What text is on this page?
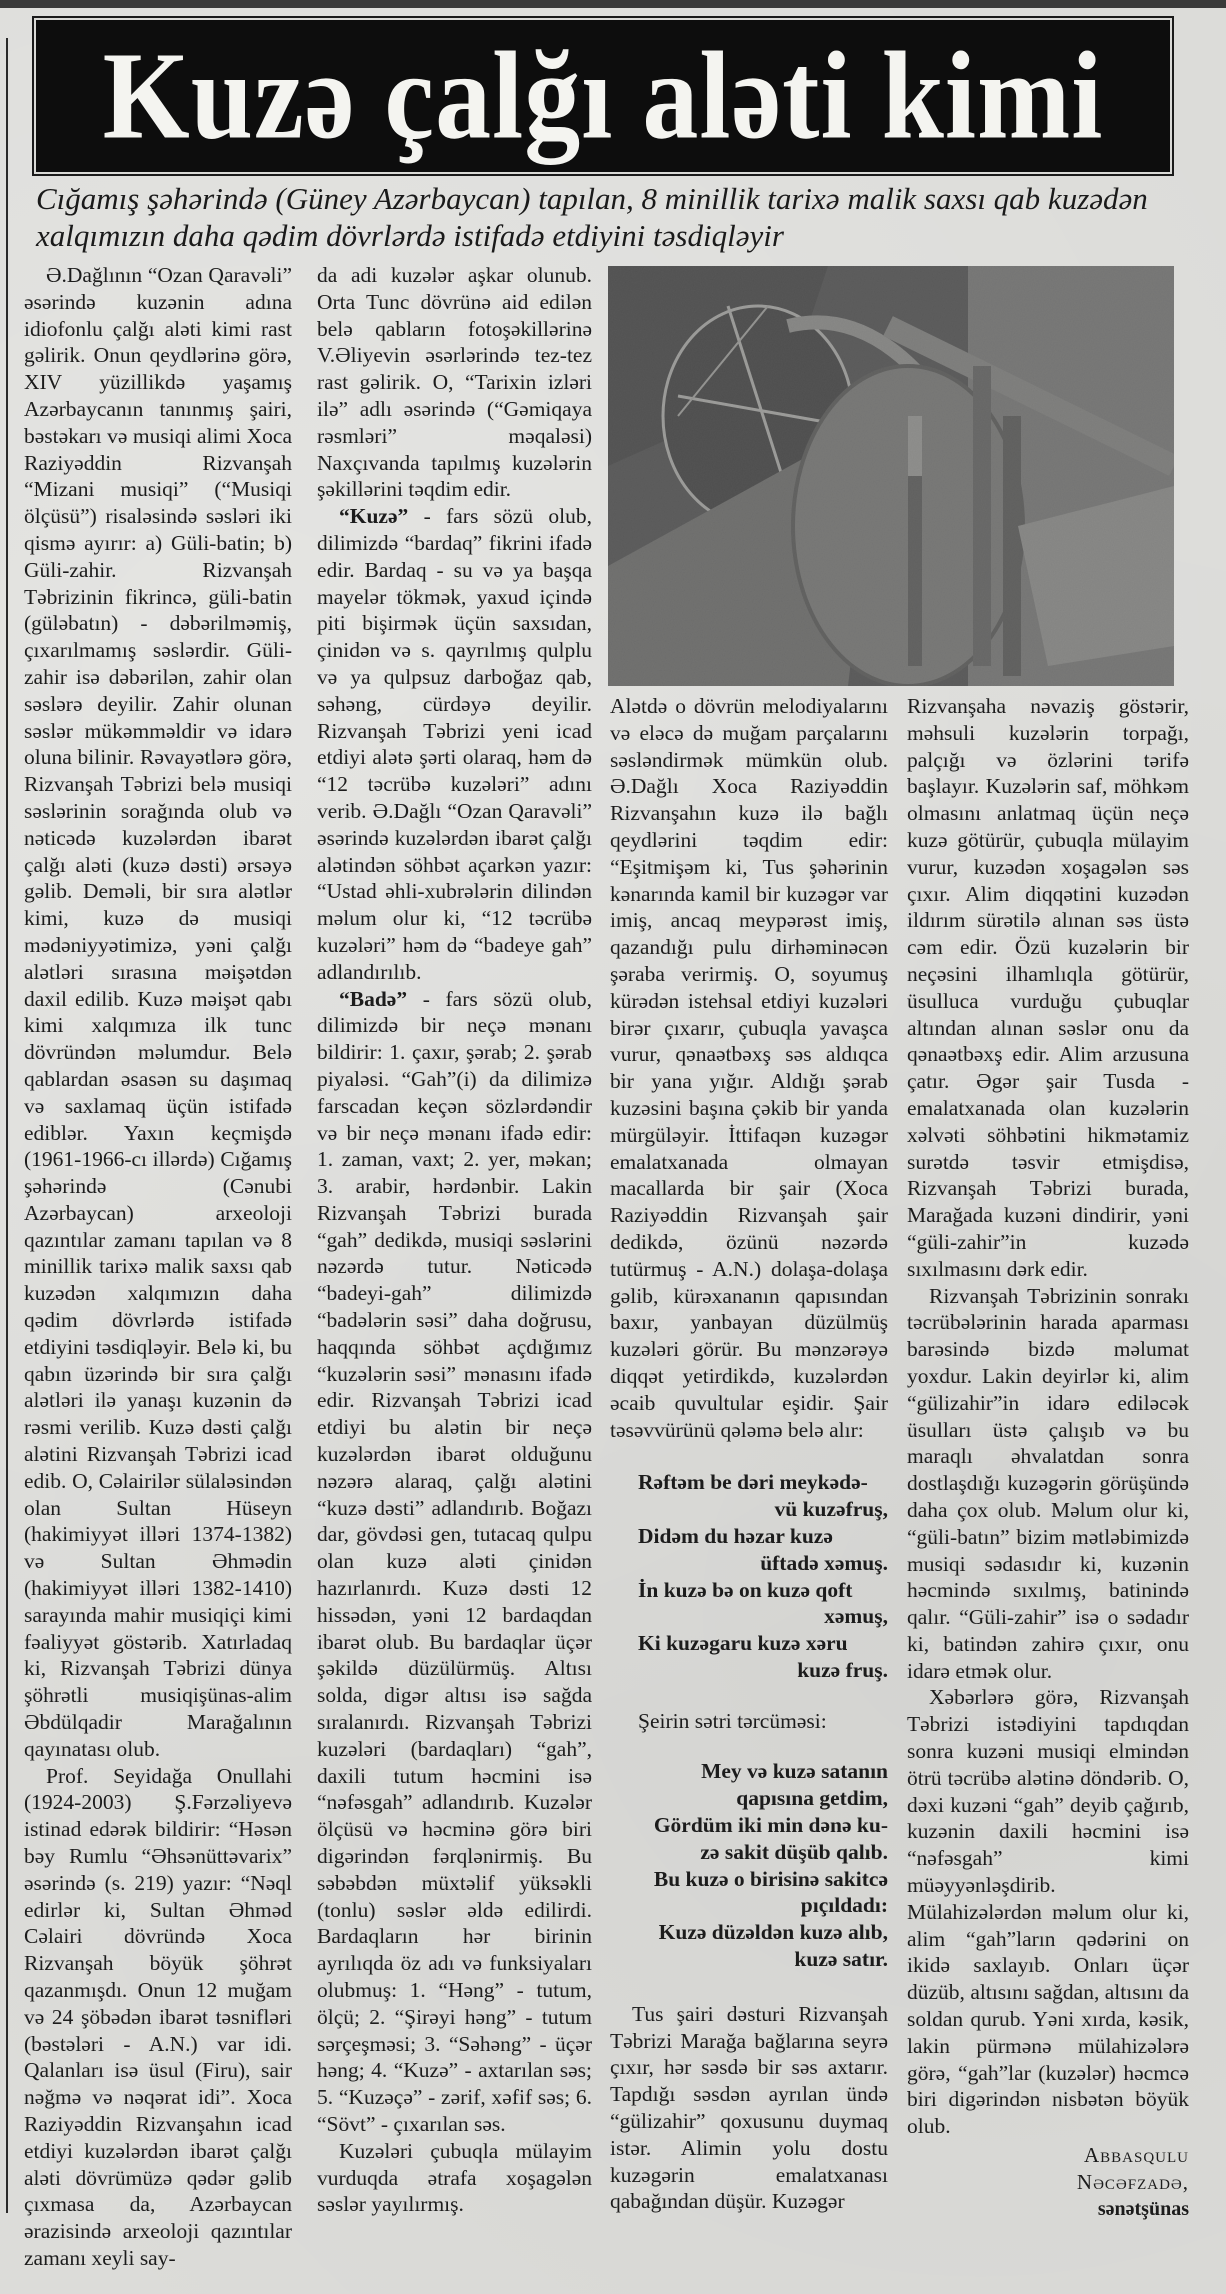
Kuzə çalğı aləti kimi

Cığamış şəhərində (Güney Azərbaycan) tapılan, 8 minillik tarixə malik saxsı qab kuzədən xalqımızın daha qədim dövrlərdə istifadə etdiyini təsdiqləyir

Ə.Dağlının “Ozan Qaravəli” əsərində kuzənin adına idiofonlu çalğı aləti kimi rast gəlirik. Onun qeydlərinə görə, XIV yüzillikdə yaşamış Azərbaycanın tanınmış şairi, bəstəkarı və musiqi alimi Xoca Raziyəddin Rizvanşah “Mizani musiqi” (“Musiqi ölçüsü”) risaləsində səsləri iki qismə ayırır: a) Güli-batin; b) Güli-zahir. Rizvanşah Təbrizinin fikrincə, güli-batin (güləbatın) - dəbərilməmiş, çıxarılmamış səslərdir. Güli-zahir isə dəbərilən, zahir olan səslərə deyilir. Zahir olunan səslər mükəmməldir və idarə oluna bilinir. Rəvayətlərə görə, Rizvanşah Təbrizi belə musiqi səslərinin sorağında olub və nəticədə kuzələrdən ibarət çalğı aləti (kuzə dəsti) ərsəyə gəlib. Deməli, bir sıra alətlər kimi, kuzə də musiqi mədəniyyətimizə, yəni çalğı alətləri sırasına məişətdən daxil edilib. Kuzə məişət qabı kimi xalqımıza ilk tunc dövründən məlumdur. Belə qablardan əsasən su daşımaq və saxlamaq üçün istifadə ediblər. Yaxın keçmişdə (1961-1966-cı illərdə) Cığamış şəhərində (Cənubi Azərbaycan) arxeoloji qazıntılar zamanı tapılan və 8 minillik tarixə malik saxsı qab kuzədən xalqımızın daha qədim dövrlərdə istifadə etdiyini təsdiqləyir. Belə ki, bu qabın üzərində bir sıra çalğı alətləri ilə yanaşı kuzənin də rəsmi verilib. Kuzə dəsti çalğı alətini Rizvanşah Təbrizi icad edib. O, Cəlairilər sülaləsindən olan Sultan Hüseyn (hakimiyyət illəri 1374-1382) və Sultan Əhmədin (hakimiyyət illəri 1382-1410) sarayında mahir musiqiçi kimi fəaliyyət göstərib. Xatırladaq ki, Rizvanşah Təbrizi dünya şöhrətli musiqişünas-alim Əbdülqadir Marağalının qayınatası olub.

Prof. Seyidağa Onullahi (1924-2003) Ş.Fərzəliyevə istinad edərək bildirir: “Həsən bəy Rumlu “Əhsənüttəvarix” əsərində (s. 219) yazır: “Nəql edirlər ki, Sultan Əhməd Cəlairi dövründə Xoca Rizvanşah böyük şöhrət qazanmışdı. Onun 12 muğam və 24 şöbədən ibarət təsnifləri (bəstələri - A.N.) var idi. Qalanları isə üsul (Firu), sair nəğmə və nəqərat idi”. Xoca Raziyəddin Rizvanşahın icad etdiyi kuzələrdən ibarət çalğı aləti dövrümüzə qədər gəlib çıxmasa da, Azərbaycan ərazisində arxeoloji qazıntılar zamanı xeyli say-

da adi kuzələr aşkar olunub. Orta Tunc dövrünə aid edilən belə qabların fotoşəkillərinə V.Əliyevin əsərlərində tez-tez rast gəlirik. O, “Tarixin izləri ilə” adlı əsərində (“Gəmiqaya rəsmləri” məqaləsi) Naxçıvanda tapılmış kuzələrin şəkillərini təqdim edir.

“Kuzə” - fars sözü olub, dilimizdə “bardaq” fikrini ifadə edir. Bardaq - su və ya başqa mayelər tökmək, yaxud içində piti bişirmək üçün saxsıdan, çinidən və s. qayrılmış qulplu və ya qulpsuz darboğaz qab, səhəng, cürdəyə deyilir. Rizvanşah Təbrizi yeni icad etdiyi alətə şərti olaraq, həm də “12 təcrübə kuzələri” adını verib. Ə.Dağlı “Ozan Qaravəli” əsərində kuzələrdən ibarət çalğı alətindən söhbət açarkən yazır: “Ustad əhli-xubrələrin dilindən məlum olur ki, “12 təcrübə kuzələri” həm də “badeye gah” adlandırılıb.

“Badə” - fars sözü olub, dilimizdə bir neçə mənanı bildirir: 1. çaxır, şərab; 2. şərab piyaləsi. “Gah”(i) da dilimizə farscadan keçən sözlərdəndir və bir neçə mənanı ifadə edir: 1. zaman, vaxt; 2. yer, məkan; 3. arabir, hərdənbir. Lakin Rizvanşah Təbrizi burada “gah” dedikdə, musiqi səslərini nəzərdə tutur. Nəticədə “badeyi-gah” dilimizdə “badələrin səsi” daha doğrusu, haqqında söhbət açdığımız “kuzələrin səsi” mənasını ifadə edir. Rizvanşah Təbrizi icad etdiyi bu alətin bir neçə kuzələrdən ibarət olduğunu nəzərə alaraq, çalğı alətini “kuzə dəsti” adlandırıb. Boğazı dar, gövdəsi gen, tutacaq qulpu olan kuzə aləti çinidən hazırlanırdı. Kuzə dəsti 12 hissədən, yəni 12 bardaqdan ibarət olub. Bu bardaqlar üçər şəkildə düzülürmüş. Altısı solda, digər altısı isə sağda sıralanırdı. Rizvanşah Təbrizi kuzələri (bardaqları) “gah”, daxili tutum həcmini isə “nəfəsgah” adlandırıb. Kuzələr ölçüsü və həcminə görə biri digərindən fərqlənirmiş. Bu səbəbdən müxtəlif yüksəkli (tonlu) səslər əldə edilirdi. Bardaqların hər birinin ayrılıqda öz adı və funksiyaları olubmuş: 1. “Həng” - tutum, ölçü; 2. “Şirəyi həng” - tutum sərçeşməsi; 3. “Səhəng” - üçər həng; 4. “Kuzə” - axtarılan səs; 5. “Kuzəçə” - zərif, xəfif səs; 6. “Sövt” - çıxarılan səs.

Kuzələri çubuqla mülayim vurduqda ətrafa xoşagələn səslər yayılırmış.

Alətdə o dövrün melodiyalarını və eləcə də muğam parçalarını səsləndirmək mümkün olub. Ə.Dağlı Xoca Raziyəddin Rizvanşahın kuzə ilə bağlı qeydlərini təqdim edir: “Eşitmişəm ki, Tus şəhərinin kənarında kamil bir kuzəgər var imiş, ancaq meypərəst imiş, qazandığı pulu dirhəminəcən şəraba verirmiş. O, soyumuş kürədən istehsal etdiyi kuzələri birər çıxarır, çubuqla yavaşca vurur, qənaətbəxş səs aldıqca bir yana yığır. Aldığı şərab kuzəsini başına çəkib bir yanda mürgüləyir. İttifaqən kuzəgər emalatxanada olmayan macallarda bir şair (Xoca Raziyəddin Rizvanşah şair dedikdə, özünü nəzərdə tutürmuş - A.N.) dolaşa-dolaşa gəlib, kürəxananın qapısından baxır, yanbayan düzülmüş kuzələri görür. Bu mənzərəyə diqqət yetirdikdə, kuzələrdən əcaib quvultular eşidir. Şair təsəvvürünü qələmə belə alır:

Rəftəm be dəri meykədə-

vü kuzəfruş,

Didəm du həzar kuzə

üftadə xəmuş.

İn kuzə bə on kuzə qoft

xəmuş,

Ki kuzəgaru kuzə xəru

kuzə fruş.

Şeirin sətri tərcüməsi:

Mey və kuzə satanın

qapısına getdim,

Gördüm iki min dənə ku-

zə sakit düşüb qalıb.

Bu kuzə o birisinə sakitcə

pıçıldadı:

Kuzə düzəldən kuzə alıb,

kuzə satır.

Tus şairi dəsturi Rizvanşah Təbrizi Marağa bağlarına seyrə çıxır, hər səsdə bir səs axtarır. Tapdığı səsdən ayrılan ündə “gülizahir” qoxusunu duymaq istər. Alimin yolu dostu kuzəgərin emalatxanası qabağından düşür. Kuzəgər

Rizvanşaha nəvaziş göstərir, məhsuli kuzələrin torpağı, palçığı və özlərini tərifə başlayır. Kuzələrin saf, möhkəm olmasını anlatmaq üçün neçə kuzə götürür, çubuqla mülayim vurur, kuzədən xoşagələn səs çıxır. Alim diqqətini kuzədən ildırım sürətilə alınan səs üstə cəm edir. Özü kuzələrin bir neçəsini ilhamlıqla götürür, üsulluca vurduğu çubuqlar altından alınan səslər onu da qənaətbəxş edir. Alim arzusuna çatır. Əgər şair Tusda - emalatxanada olan kuzələrin xəlvəti söhbətini hikmətamiz surətdə təsvir etmişdisə, Rizvanşah Təbrizi burada, Marağada kuzəni dindirir, yəni “güli-zahir”in kuzədə sıxılmasını dərk edir.

Rizvanşah Təbrizinin sonrakı təcrübələrinin harada aparması barəsində bizdə məlumat yoxdur. Lakin deyirlər ki, alim “gülizahir”in idarə ediləcək üsulları üstə çalışıb və bu maraqlı əhvalatdan sonra dostlaşdığı kuzəgərin görüşündə daha çox olub. Məlum olur ki, “güli-batın” bizim mətləbimizdə musiqi sədasıdır ki, kuzənin həcmində sıxılmış, batinində qalır. “Güli-zahir” isə o sədadır ki, batindən zahirə çıxır, onu idarə etmək olur.

Xəbərlərə görə, Rizvanşah Təbrizi istədiyini tapdıqdan sonra kuzəni musiqi elmindən ötrü təcrübə alətinə döndərib. O, dəxi kuzəni “gah” deyib çağırıb, kuzənin daxili həcmini isə “nəfəsgah” kimi müəyyənləşdirib. Mülahizələrdən məlum olur ki, alim “gah”ların qədərini on ikidə saxlayıb. Onları üçər düzüb, altısını sağdan, altısını da soldan qurub. Yəni xırda, kəsik, lakin pürmənə mülahizələrə görə, “gah”lar (kuzələr) həcmcə biri digərindən nisbətən böyük olub.

Abbasqulu
Nəcəfzadə,
sənətşünas
